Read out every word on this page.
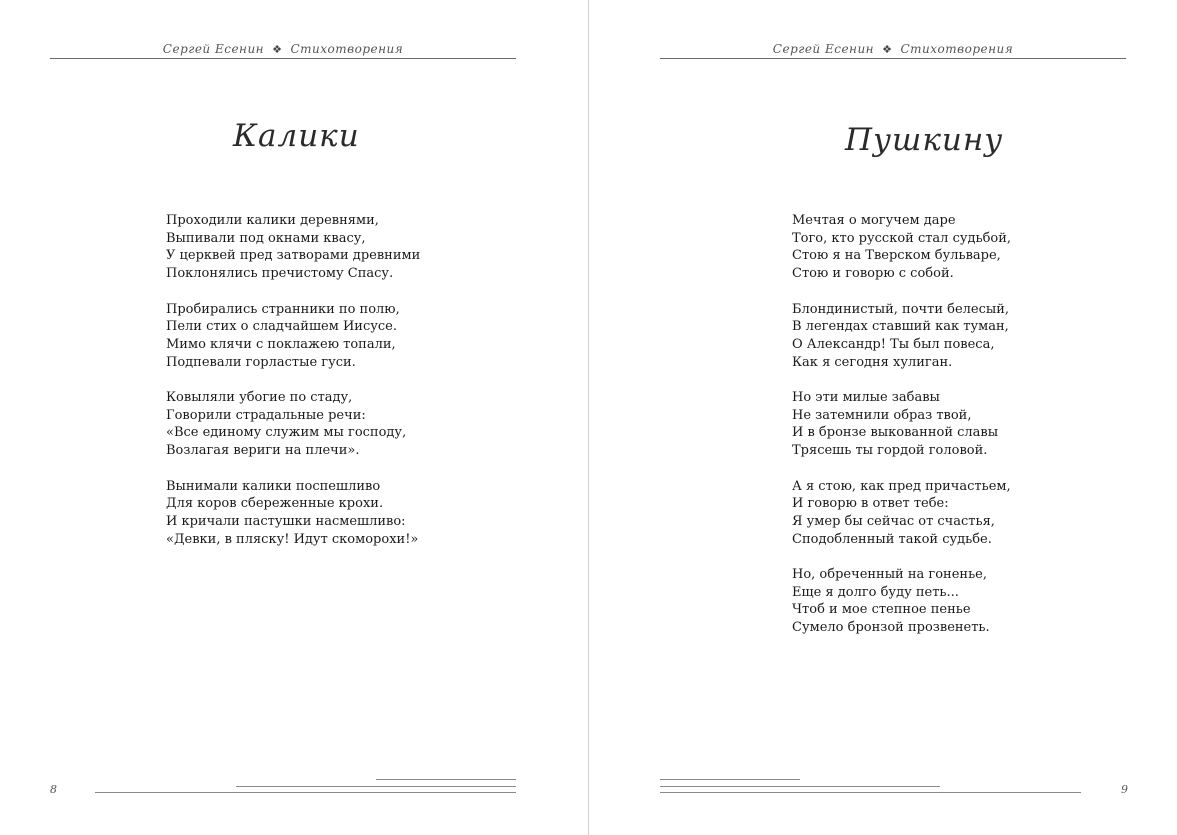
Сергей Есенин ❖ Стихотворения
Калики
Проходили калики деревнями,
Выпивали под окнами квасу,
У церквей пред затворами древними
Поклонялись пречистому Спасу.
Пробирались странники по полю,
Пели стих о сладчайшем Иисусе.
Мимо клячи с поклажею топали,
Подпевали горластые гуси.
Ковыляли убогие по стаду,
Говорили страдальные речи:
«Все единому служим мы господу,
Возлагая вериги на плечи».
Вынимали калики поспешливо
Для коров сбереженные крохи.
И кричали пастушки насмешливо:
«Девки, в пляску! Идут скоморохи!»
8
Сергей Есенин ❖ Стихотворения
Пушкину
Мечтая о могучем даре
Того, кто русской стал судьбой,
Стою я на Тверском бульваре,
Стою и говорю с собой.
Блондинистый, почти белесый,
В легендах ставший как туман,
О Александр! Ты был повеса,
Как я сегодня хулиган.
Но эти милые забавы
Не затемнили образ твой,
И в бронзе выкованной славы
Трясешь ты гордой головой.
А я стою, как пред причастьем,
И говорю в ответ тебе:
Я умер бы сейчас от счастья,
Сподобленный такой судьбе.
Но, обреченный на гоненье,
Еще я долго буду петь...
Чтоб и мое степное пенье
Сумело бронзой прозвенеть.
9
